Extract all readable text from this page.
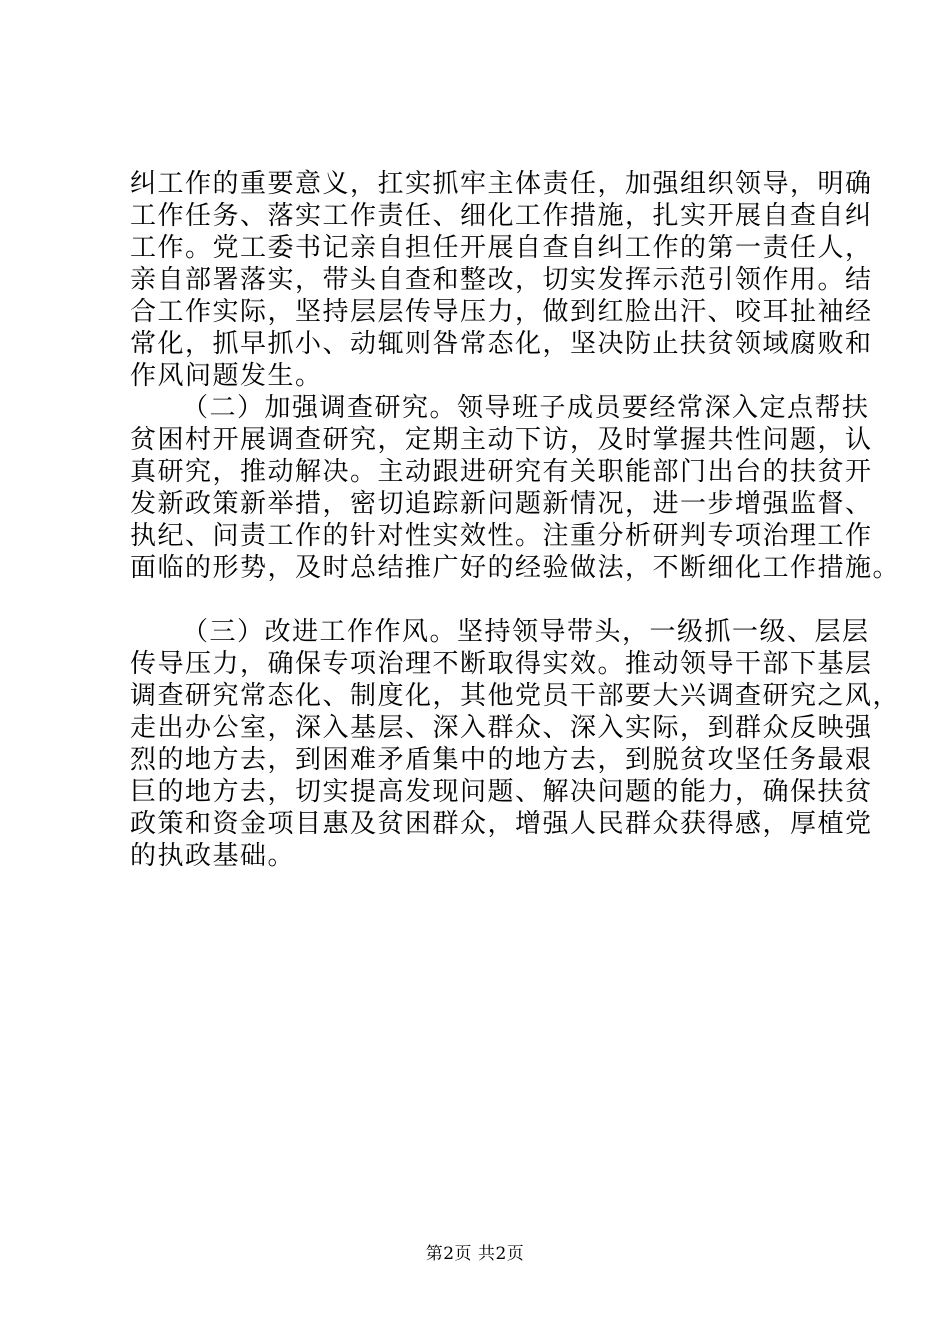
纠工作的重要意义，扛实抓牢主体责任，加强组织领导，明确
工作任务、落实工作责任、细化工作措施，扎实开展自查自纠
工作。党工委书记亲自担任开展自查自纠工作的第一责任人，
亲自部署落实，带头自查和整改，切实发挥示范引领作用。结
合工作实际，坚持层层传导压力，做到红脸出汗、咬耳扯袖经
常化，抓早抓小、动辄则咎常态化，坚决防止扶贫领域腐败和
作风问题发生。
（二）加强调查研究。领导班子成员要经常深入定点帮扶
贫困村开展调查研究，定期主动下访，及时掌握共性问题，认
真研究，推动解决。主动跟进研究有关职能部门出台的扶贫开
发新政策新举措，密切追踪新问题新情况，进一步增强监督、
执纪、问责工作的针对性实效性。注重分析研判专项治理工作
面临的形势，及时总结推广好的经验做法，不断细化工作措施。
（三）改进工作作风。坚持领导带头，一级抓一级、层层
传导压力，确保专项治理不断取得实效。推动领导干部下基层
调查研究常态化、制度化，其他党员干部要大兴调查研究之风，
走出办公室，深入基层、深入群众、深入实际，到群众反映强
烈的地方去，到困难矛盾集中的地方去，到脱贫攻坚任务最艰
巨的地方去，切实提高发现问题、解决问题的能力，确保扶贫
政策和资金项目惠及贫困群众，增强人民群众获得感，厚植党
的执政基础。
第2页 共2页
